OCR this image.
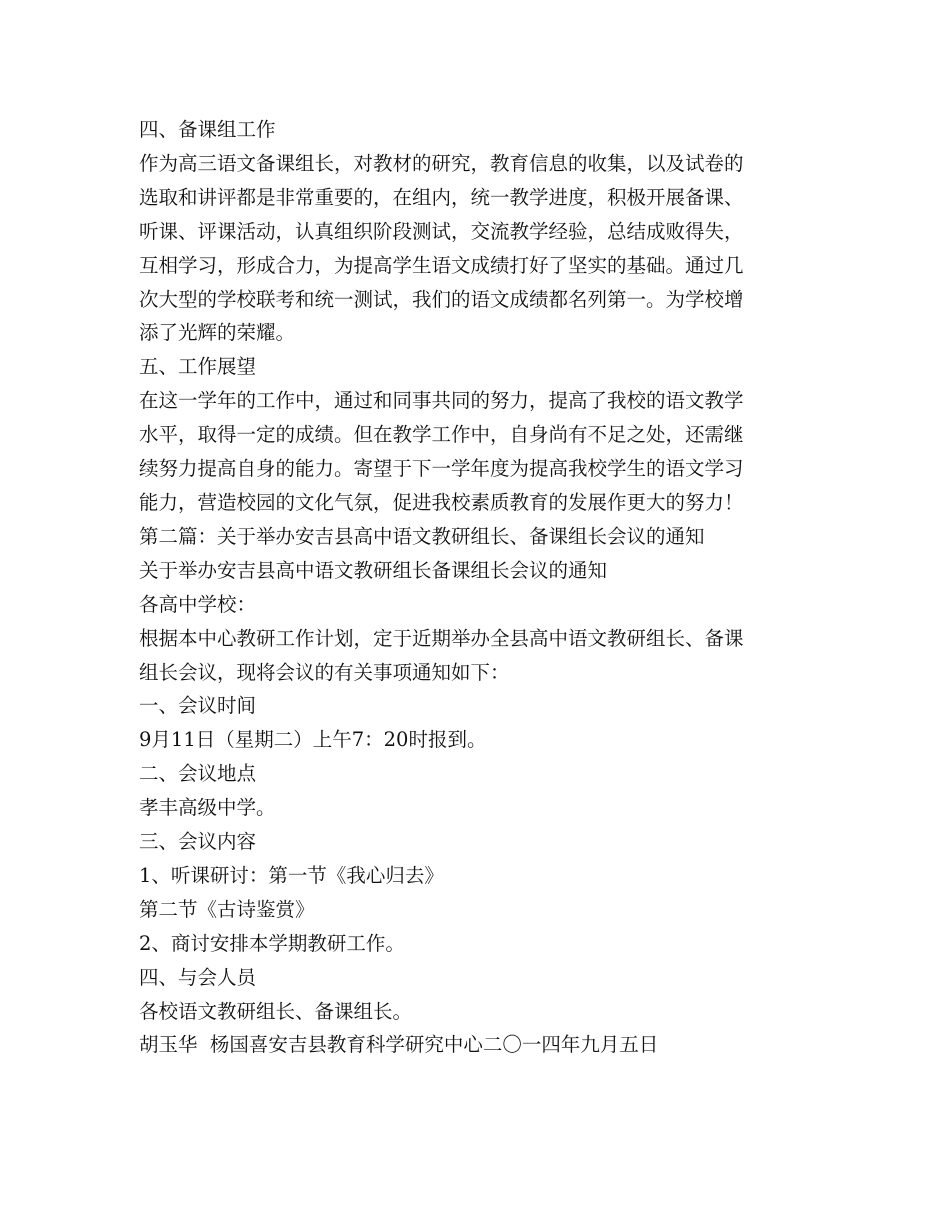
四、备课组工作

作为高三语文备课组长，对教材的研究，教育信息的收集，以及试卷的

选取和讲评都是非常重要的，在组内，统一教学进度，积极开展备课、

听课、评课活动，认真组织阶段测试，交流教学经验，总结成败得失，

互相学习，形成合力，为提高学生语文成绩打好了坚实的基础。通过几

次大型的学校联考和统一测试，我们的语文成绩都名列第一。为学校增

添了光辉的荣耀。

五、工作展望

在这一学年的工作中，通过和同事共同的努力，提高了我校的语文教学

水平，取得一定的成绩。但在教学工作中，自身尚有不足之处，还需继

续努力提高自身的能力。寄望于下一学年度为提高我校学生的语文学习

能力，营造校园的文化气氛，促进我校素质教育的发展作更大的努力！

第二篇：关于举办安吉县高中语文教研组长、备课组长会议的通知

关于举办安吉县高中语文教研组长备课组长会议的通知

各高中学校：

根据本中心教研工作计划，定于近期举办全县高中语文教研组长、备课

组长会议，现将会议的有关事项通知如下：

一、会议时间

9月11日（星期二）上午7：20时报到。

二、会议地点

孝丰高级中学。

三、会议内容

1、听课研讨：第一节《我心归去》

第二节《古诗鉴赏》

2、商讨安排本学期教研工作。

四、与会人员

各校语文教研组长、备课组长。

胡玉华  杨国喜安吉县教育科学研究中心二〇一四年九月五日
